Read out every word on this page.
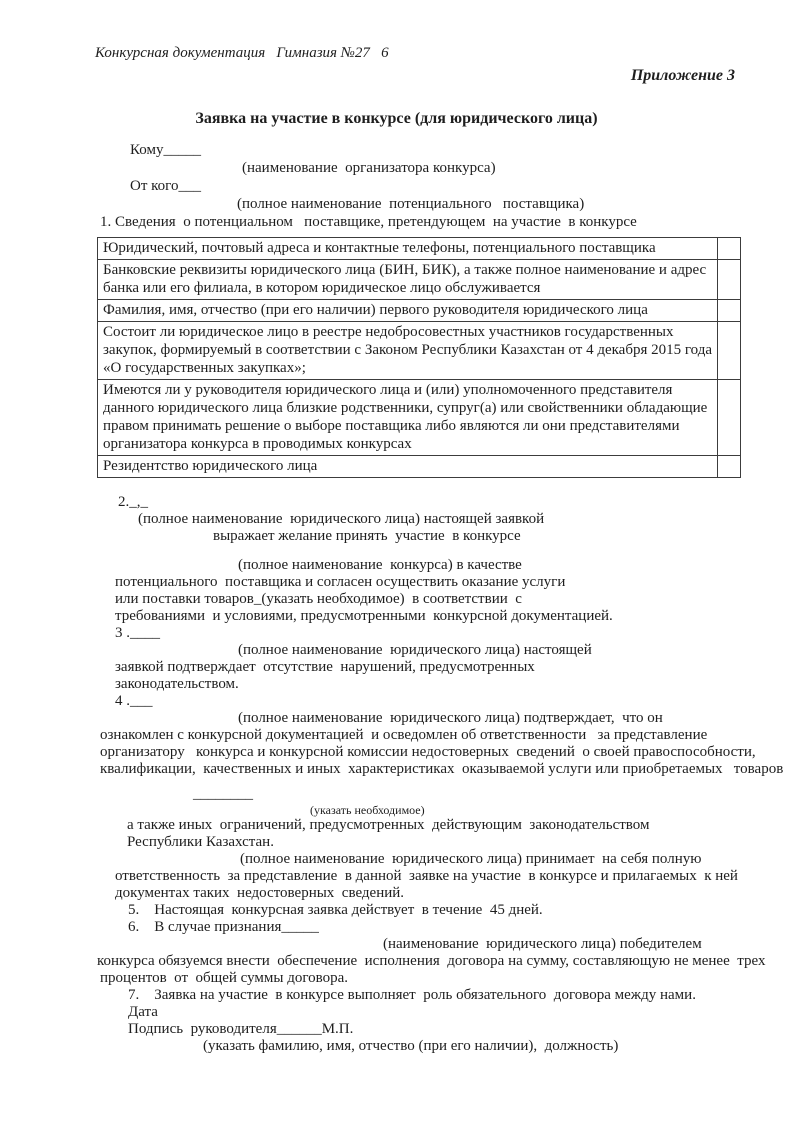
Конкурсная документация   Гимназия №27   6
Приложение 3
Заявка на участие в конкурсе (для юридического лица)
Кому_____
(наименование  организатора конкурса)
От кого___
(полное наименование  потенциального   поставщика)
1. Сведения  о потенциальном   поставщике, претендующем  на участие  в конкурсе
Юридический, почтовый адреса и контактные телефоны, потенциального поставщика	
Банковские реквизиты юридического лица (БИН, БИК), а также полное наименование и адрес банка или его филиала, в котором юридическое лицо обслуживается	
Фамилия, имя, отчество (при его наличии) первого руководителя юридического лица	
Состоит ли юридическое лицо в реестре недобросовестных участников государственных закупок, формируемый в соответствии с Законом Республики Казахстан от 4 декабря 2015 года «О государственных закупках»;	
Имеются ли у руководителя юридического лица и (или) уполномоченного представителя данного юридического лица близкие родственники, супруг(а) или свойственники обладающие правом принимать решение о выборе поставщика либо являются ли они представителями организатора конкурса в проводимых конкурсах	
Резидентство юридического лица	
2._,_
(полное наименование  юридического лица) настоящей заявкой
выражает желание принять  участие  в конкурсе
(полное наименование  конкурса) в качестве
потенциального  поставщика и согласен осуществить оказание услуги
или поставки товаров_(указать необходимое)  в соответствии  с
требованиями  и условиями, предусмотренными  конкурсной документацией.
3 .____
(полное наименование  юридического лица) настоящей
заявкой подтверждает  отсутствие  нарушений, предусмотренных
законодательством.
4 .___
(полное наименование  юридического лица) подтверждает,  что он
ознакомлен с конкурсной документацией  и осведомлен об ответственности   за представление
организатору   конкурса и конкурсной комиссии недостоверных  сведений  о своей правоспособности,
квалификации,  качественных и иных  характеристиках  оказываемой услуги или приобретаемых   товаров
________
(указать необходимое)
а также иных  ограничений, предусмотренных  действующим  законодательством
Республики Казахстан.
(полное наименование  юридического лица) принимает  на себя полную
ответственность  за представление  в данной  заявке на участие  в конкурсе и прилагаемых  к ней
документах таких  недостоверных  сведений.
5.    Настоящая  конкурсная заявка действует  в течение  45 дней.
6.    В случае признания_____
(наименование  юридического лица) победителем
конкурса обязуемся внести  обеспечение  исполнения  договора на сумму, составляющую не менее  трех
процентов  от  общей суммы договора.
7.    Заявка на участие  в конкурсе выполняет  роль обязательного  договора между нами.
Дата
Подпись  руководителя______М.П.
(указать фамилию, имя, отчество (при его наличии),  должность)
